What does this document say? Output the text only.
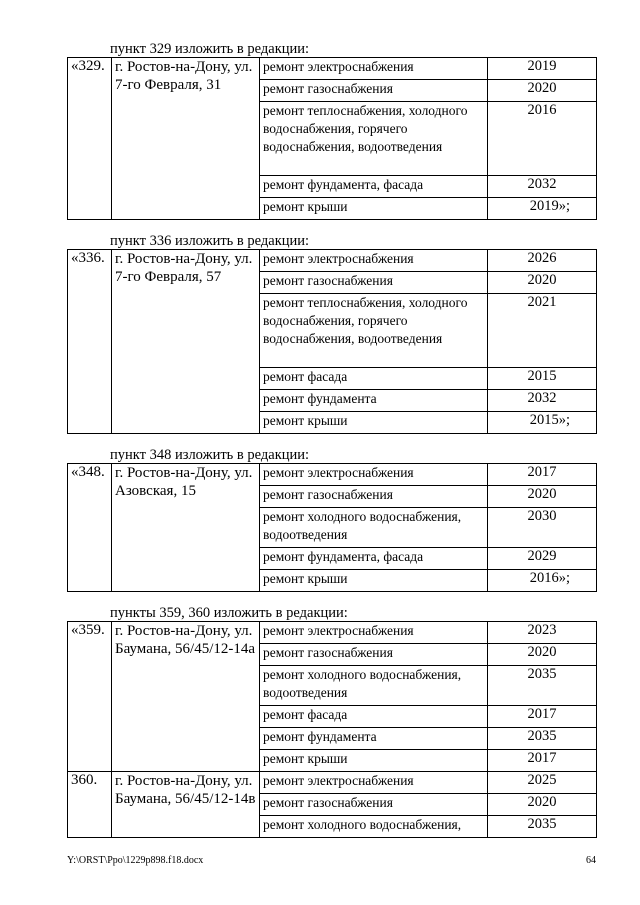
пункт 329 изложить в редакции:
«329.	г. Ростов-на-Дону, ул. 7-го Февраля, 31	ремонт электроснабжения	2019
		ремонт газоснабжения	2020
		ремонт теплоснабжения, холодного водоснабжения, горячего водоснабжения, водоотведения	2016
		ремонт фундамента, фасада	2032
		ремонт крыши	2019»;
пункт 336 изложить в редакции:
«336.	г. Ростов-на-Дону, ул. 7-го Февраля, 57	ремонт электроснабжения	2026
		ремонт газоснабжения	2020
		ремонт теплоснабжения, холодного водоснабжения, горячего водоснабжения, водоотведения	2021
		ремонт фасада	2015
		ремонт фундамента	2032
		ремонт крыши	2015»;
пункт 348 изложить в редакции:
«348.	г. Ростов-на-Дону, ул. Азовская, 15	ремонт электроснабжения	2017
		ремонт газоснабжения	2020
		ремонт холодного водоснабжения, водоотведения	2030
		ремонт фундамента, фасада	2029
		ремонт крыши	2016»;
пункты 359, 360 изложить в редакции:
«359.	г. Ростов-на-Дону, ул. Баумана, 56/45/12-14а	ремонт электроснабжения	2023
		ремонт газоснабжения	2020
		ремонт холодного водоснабжения, водоотведения	2035
		ремонт фасада	2017
		ремонт фундамента	2035
		ремонт крыши	2017
360.	г. Ростов-на-Дону, ул. Баумана, 56/45/12-14в	ремонт электроснабжения	2025
		ремонт газоснабжения	2020
		ремонт холодного водоснабжения,	2035
Y:\ORST\Ppo\1229p898.f18.docx	64
